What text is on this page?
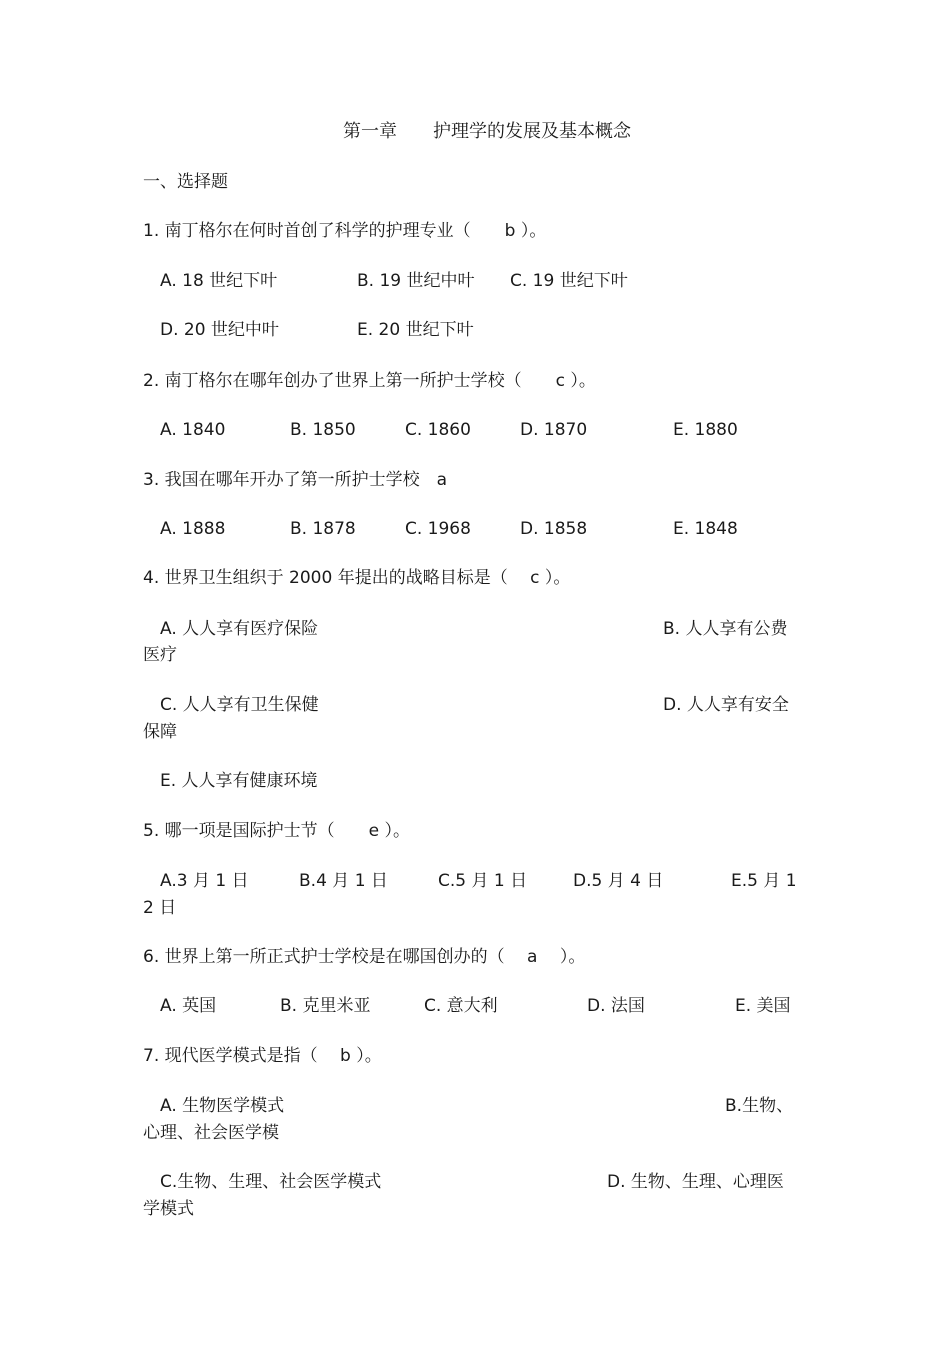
第一章 护理学的发展及基本概念
一、选择题
1. 南丁格尔在何时首创了科学的护理专业（　　b ）。
A. 18 世纪下叶	B. 19 世纪中叶 C. 19 世纪下叶
D. 20 世纪中叶	E. 20 世纪下叶
2. 南丁格尔在哪年创办了世界上第一所护士学校（　　c ）。
A. 1840	B. 1850	C. 1860	D. 1870	E. 1880
3. 我国在哪年开办了第一所护士学校　a
A. 1888	B. 1878	C. 1968	D. 1858	E. 1848
4. 世界卫生组织于 2000 年提出的战略目标是（　 c ）。
A. 人人享有医疗保险	B. 人人享有公费
医疗
C. 人人享有卫生保健	D. 人人享有安全
保障
E. 人人享有健康环境
5. 哪一项是国际护士节（　　e ）。
A.3 月 1 日	B.4 月 1 日	C.5 月 1 日	D.5 月 4 日	E.5 月 1
2 日
6. 世界上第一所正式护士学校是在哪国创办的（　 a　 ）。
A. 英国	B. 克里米亚	C. 意大利	D. 法国	E. 美国
7. 现代医学模式是指（　 b ）。
A. 生物医学模式	B.生物、
心理、社会医学模
C.生物、生理、社会医学模式	D. 生物、生理、心理医
学模式
